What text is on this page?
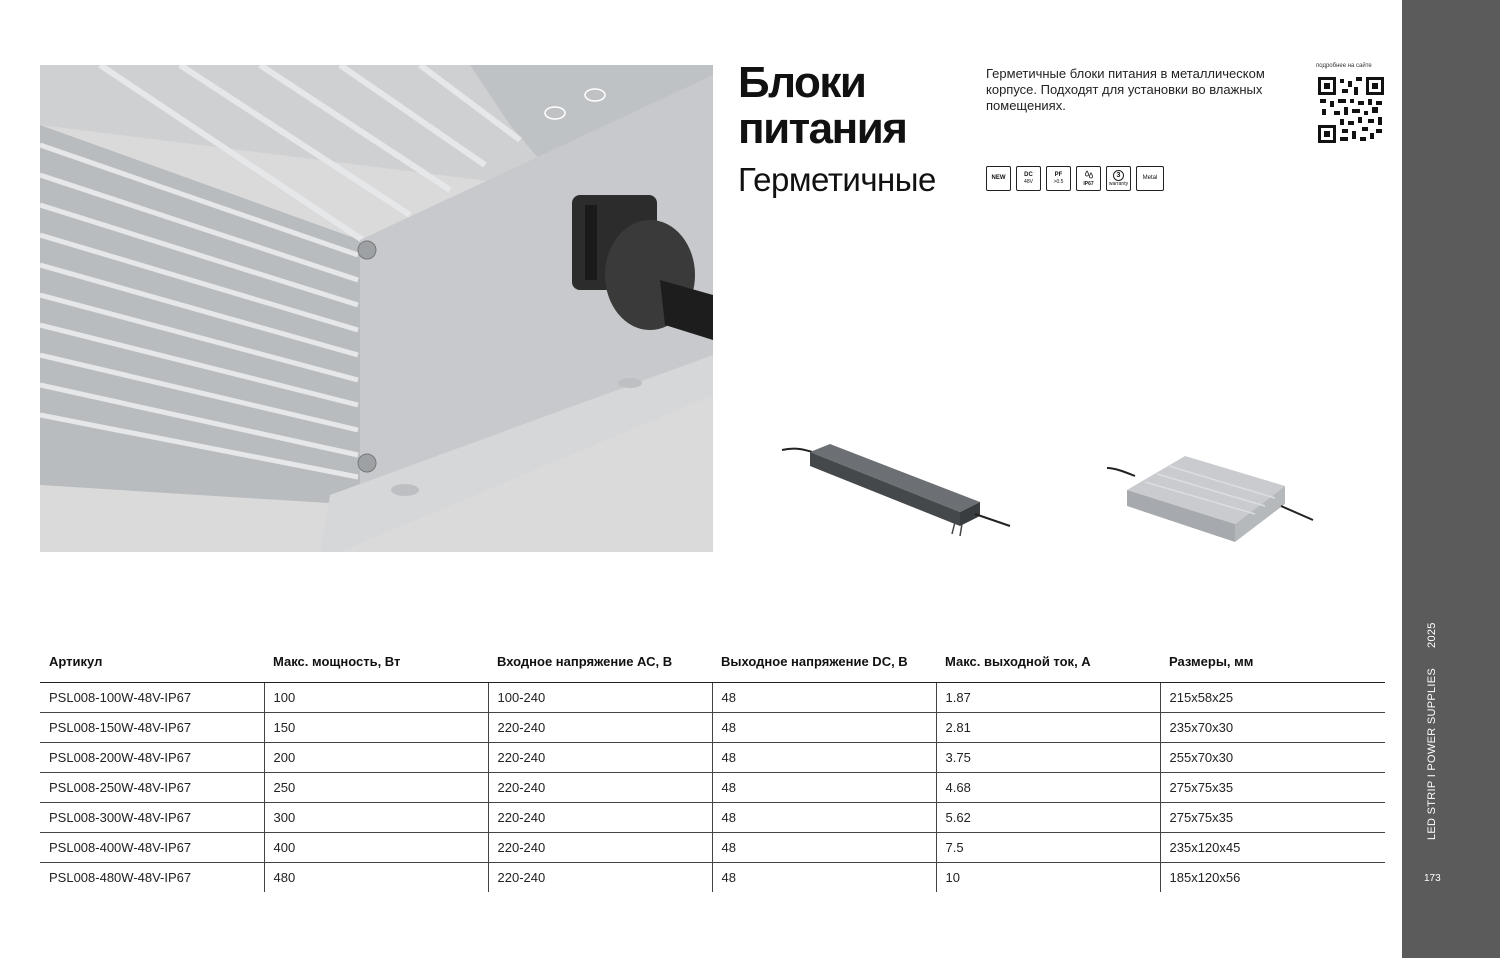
Блоки
питания
Герметичные
Герметичные блоки питания в металлическом корпусе. Подходят для установки во влажных помещениях.
подробнее на сайте
NEW
DC
48V
PF
>0.5	IP67
3
warranty
Metal
Артикул	Макс. мощность, Вт	Входное напряжение АС, В	Выходное напряжение DC, В	Макс. выходной ток, А	Размеры, мм
PSL008-100W-48V-IP67	100	100-240	48	1.87	215x58x25
PSL008-150W-48V-IP67	150	220-240	48	2.81	235x70x30
PSL008-200W-48V-IP67	200	220-240	48	3.75	255x70x30
PSL008-250W-48V-IP67	250	220-240	48	4.68	275x75x35
PSL008-300W-48V-IP67	300	220-240	48	5.62	275x75x35
PSL008-400W-48V-IP67	400	220-240	48	7.5	235x120x45
PSL008-480W-48V-IP67	480	220-240	48	10	185x120x56
LED STRIP I POWER SUPPLIES
2025
173
